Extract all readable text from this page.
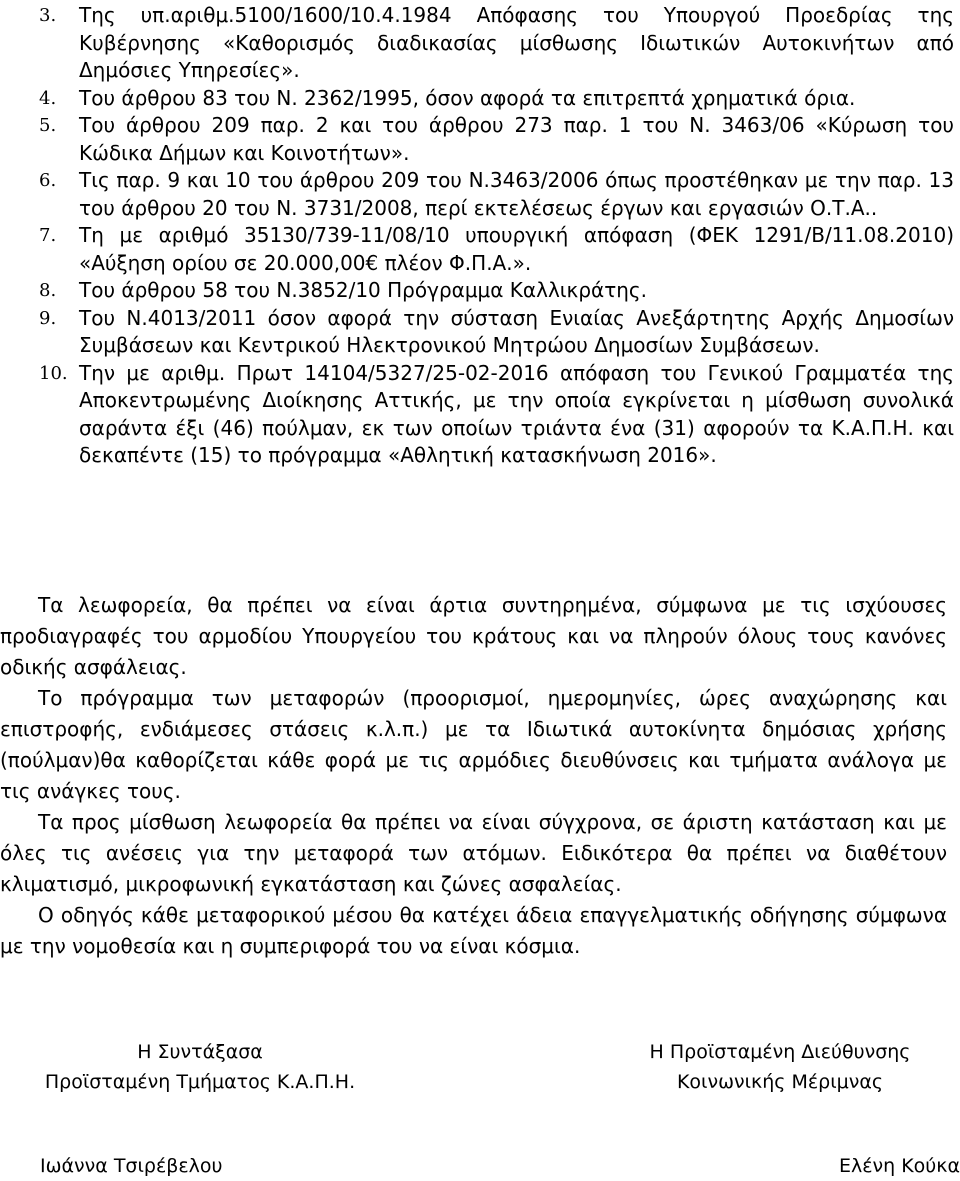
3.	Της υπ.αριθμ.5100/1600/10.4.1984 Απόφασης του Υπουργού Προεδρίας της Κυβέρνησης «Καθορισμός διαδικασίας μίσθωσης Ιδιωτικών Αυτοκινήτων από Δημόσιες Υπηρεσίες».
4.	Του άρθρου 83 του Ν. 2362/1995, όσον αφορά τα επιτρεπτά χρηματικά όρια.
5.	Του άρθρου 209 παρ. 2 και του άρθρου 273 παρ. 1 του Ν. 3463/06 «Κύρωση του Κώδικα Δήμων και Κοινοτήτων».
6.	Τις παρ. 9 και 10 του άρθρου 209 του Ν.3463/2006 όπως προστέθηκαν με την παρ. 13 του άρθρου 20 του Ν. 3731/2008, περί εκτελέσεως έργων και εργασιών Ο.Τ.Α..
7.	Τη με αριθμό 35130/739-11/08/10 υπουργική απόφαση (ΦΕΚ 1291/Β/11.08.2010) «Αύξηση ορίου σε 20.000,00€ πλέον Φ.Π.Α.».
8.	Του άρθρου 58 του Ν.3852/10 Πρόγραμμα Καλλικράτης.
9.	Του Ν.4013/2011 όσον αφορά την σύσταση Ενιαίας Ανεξάρτητης Αρχής Δημοσίων Συμβάσεων και Κεντρικού Ηλεκτρονικού Μητρώου Δημοσίων Συμβάσεων.
10. Την με αριθμ. Πρωτ 14104/5327/25-02-2016 απόφαση του Γενικού Γραμματέα της Αποκεντρωμένης Διοίκησης Αττικής, με την οποία εγκρίνεται η μίσθωση συνολικά σαράντα έξι (46) πούλμαν, εκ των οποίων τριάντα ένα (31) αφορούν τα Κ.Α.Π.Η. και δεκαπέντε (15) το πρόγραμμα «Αθλητική κατασκήνωση 2016».

Τα λεωφορεία, θα πρέπει να είναι άρτια συντηρημένα, σύμφωνα με τις ισχύουσες προδιαγραφές του αρμοδίου Υπουργείου του κράτους και να πληρούν όλους τους κανόνες οδικής ασφάλειας.

Το πρόγραμμα των μεταφορών (προορισμοί, ημερομηνίες, ώρες αναχώρησης και επιστροφής, ενδιάμεσες στάσεις κ.λ.π.) με τα Ιδιωτικά αυτοκίνητα δημόσιας χρήσης (πούλμαν)θα καθορίζεται κάθε φορά με τις αρμόδιες διευθύνσεις και τμήματα ανάλογα με τις ανάγκες τους.

Τα προς μίσθωση λεωφορεία θα πρέπει να είναι σύγχρονα, σε άριστη κατάσταση και με όλες τις ανέσεις για την μεταφορά των ατόμων. Ειδικότερα θα πρέπει να διαθέτουν κλιματισμό, μικροφωνική εγκατάσταση και ζώνες ασφαλείας.

Ο οδηγός κάθε μεταφορικού μέσου θα κατέχει άδεια επαγγελματικής οδήγησης σύμφωνα με την νομοθεσία και η συμπεριφορά του να είναι κόσμια.

Η Συντάξασα
Προϊσταμένη Τμήματος Κ.Α.Π.Η.
Η Προϊσταμένη Διεύθυνσης
Κοινωνικής Μέριμνας
Ιωάννα Τσιρέβελου	Ελένη Κούκα
